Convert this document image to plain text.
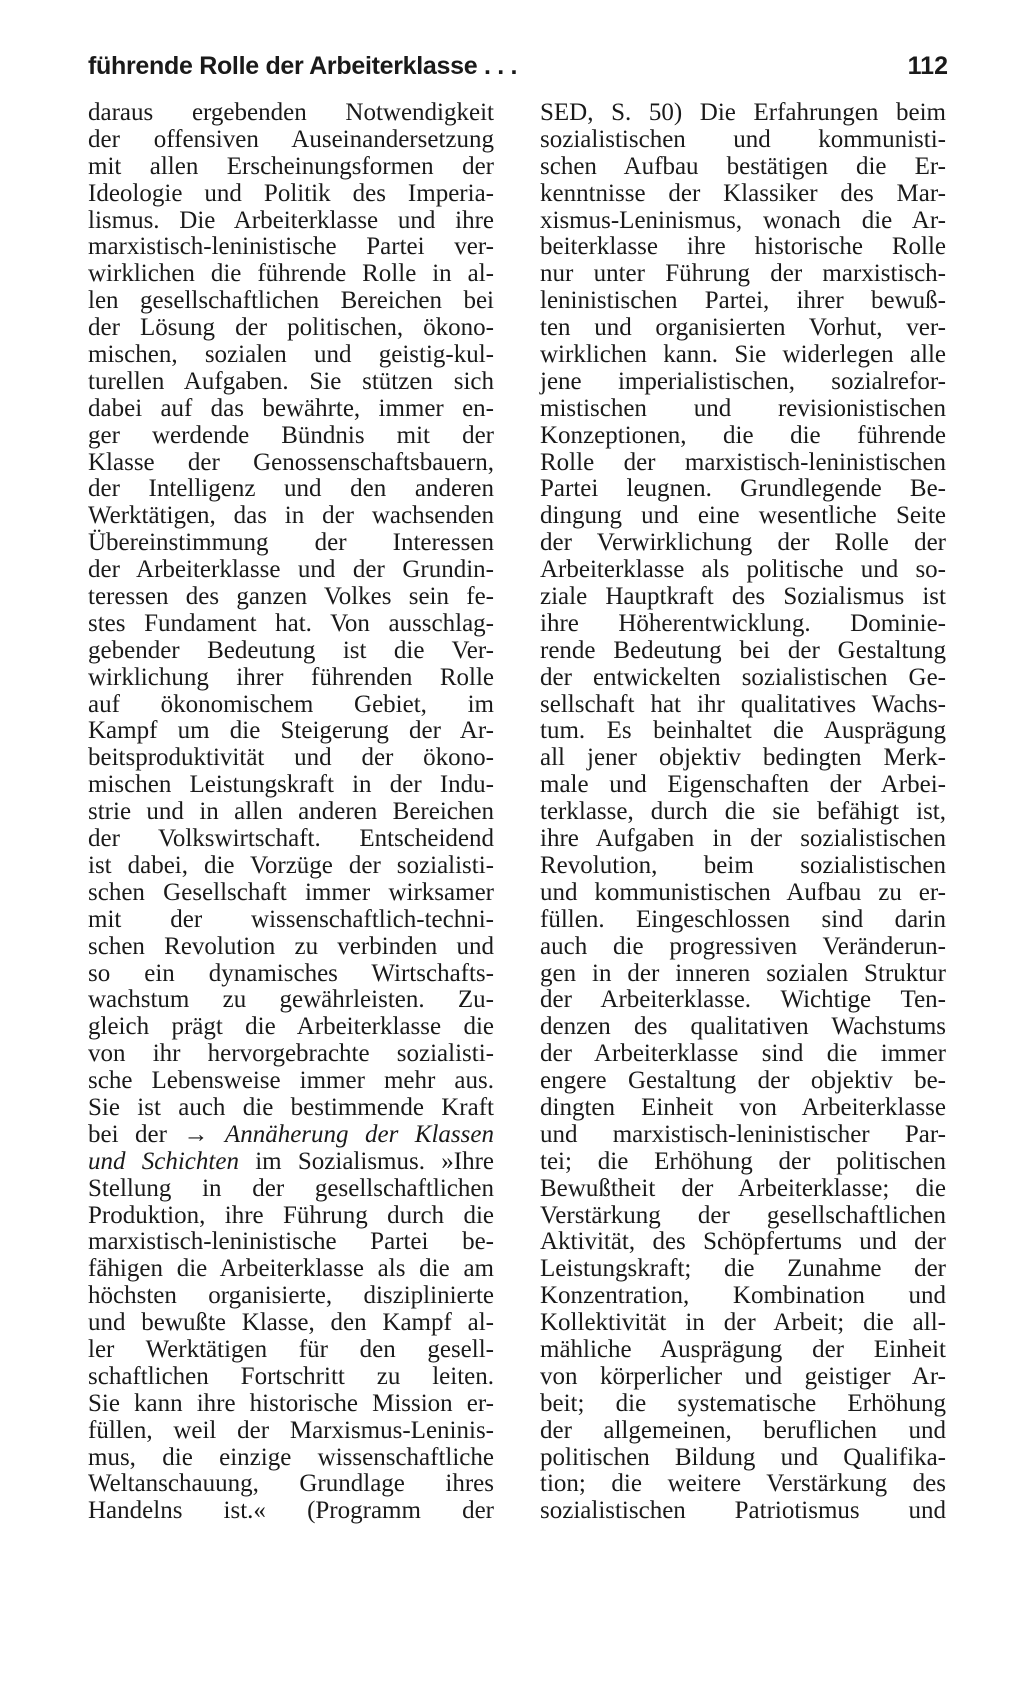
führende Rolle der Arbeiterklasse . . .	112
daraus ergebenden Notwendigkeit
der offensiven Auseinandersetzung
mit allen Erscheinungsformen der
Ideologie und Politik des Imperia-
lismus. Die Arbeiterklasse und ihre
marxistisch-leninistische Partei ver-
wirklichen die führende Rolle in al-
len gesellschaftlichen Bereichen bei
der Lösung der politischen, ökono-
mischen, sozialen und geistig-kul-
turellen Aufgaben. Sie stützen sich
dabei auf das bewährte, immer en-
ger werdende Bündnis mit der
Klasse der Genossenschaftsbauern,
der Intelligenz und den anderen
Werktätigen, das in der wachsenden
Übereinstimmung der Interessen
der Arbeiterklasse und der Grundin-
teressen des ganzen Volkes sein fe-
stes Fundament hat. Von ausschlag-
gebender Bedeutung ist die Ver-
wirklichung ihrer führenden Rolle
auf ökonomischem Gebiet, im
Kampf um die Steigerung der Ar-
beitsproduktivität und der ökono-
mischen Leistungskraft in der Indu-
strie und in allen anderen Bereichen
der Volkswirtschaft. Entscheidend
ist dabei, die Vorzüge der sozialisti-
schen Gesellschaft immer wirksamer
mit der wissenschaftlich-techni-
schen Revolution zu verbinden und
so ein dynamisches Wirtschafts-
wachstum zu gewährleisten. Zu-
gleich prägt die Arbeiterklasse die
von ihr hervorgebrachte sozialisti-
sche Lebensweise immer mehr aus.
Sie ist auch die bestimmende Kraft
bei der → Annäherung der Klassen
und Schichten im Sozialismus. »Ihre
Stellung in der gesellschaftlichen
Produktion, ihre Führung durch die
marxistisch-leninistische Partei be-
fähigen die Arbeiterklasse als die am
höchsten organisierte, disziplinierte
und bewußte Klasse, den Kampf al-
ler Werktätigen für den gesell-
schaftlichen Fortschritt zu leiten.
Sie kann ihre historische Mission er-
füllen, weil der Marxismus-Leninis-
mus, die einzige wissenschaftliche
Weltanschauung, Grundlage ihres
Handelns ist.« (Programm der
SED, S. 50) Die Erfahrungen beim
sozialistischen und kommunisti-
schen Aufbau bestätigen die Er-
kenntnisse der Klassiker des Mar-
xismus-Leninismus, wonach die Ar-
beiterklasse ihre historische Rolle
nur unter Führung der marxistisch-
leninistischen Partei, ihrer bewuß-
ten und organisierten Vorhut, ver-
wirklichen kann. Sie widerlegen alle
jene imperialistischen, sozialrefor-
mistischen und revisionistischen
Konzeptionen, die die führende
Rolle der marxistisch-leninistischen
Partei leugnen. Grundlegende Be-
dingung und eine wesentliche Seite
der Verwirklichung der Rolle der
Arbeiterklasse als politische und so-
ziale Hauptkraft des Sozialismus ist
ihre Höherentwicklung. Dominie-
rende Bedeutung bei der Gestaltung
der entwickelten sozialistischen Ge-
sellschaft hat ihr qualitatives Wachs-
tum. Es beinhaltet die Ausprägung
all jener objektiv bedingten Merk-
male und Eigenschaften der Arbei-
terklasse, durch die sie befähigt ist,
ihre Aufgaben in der sozialistischen
Revolution, beim sozialistischen
und kommunistischen Aufbau zu er-
füllen. Eingeschlossen sind darin
auch die progressiven Veränderun-
gen in der inneren sozialen Struktur
der Arbeiterklasse. Wichtige Ten-
denzen des qualitativen Wachstums
der Arbeiterklasse sind die immer
engere Gestaltung der objektiv be-
dingten Einheit von Arbeiterklasse
und marxistisch-leninistischer Par-
tei; die Erhöhung der politischen
Bewußtheit der Arbeiterklasse; die
Verstärkung der gesellschaftlichen
Aktivität, des Schöpfertums und der
Leistungskraft; die Zunahme der
Konzentration, Kombination und
Kollektivität in der Arbeit; die all-
mähliche Ausprägung der Einheit
von körperlicher und geistiger Ar-
beit; die systematische Erhöhung
der allgemeinen, beruflichen und
politischen Bildung und Qualifika-
tion; die weitere Verstärkung des
sozialistischen Patriotismus und
